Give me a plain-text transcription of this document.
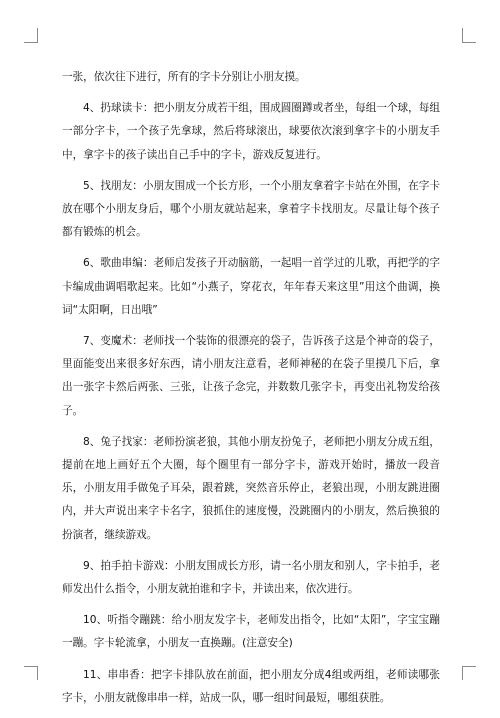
一张，依次往下进行，所有的字卡分别让小朋友摸。

4、扔球读卡：把小朋友分成若干组，围成圆圈蹲或者坐，每组一个球，每组一部分字卡，一个孩子先拿球，然后将球滚出，球要依次滚到拿字卡的小朋友手中，拿字卡的孩子读出自己手中的字卡，游戏反复进行。

5、找朋友：小朋友围成一个长方形，一个小朋友拿着字卡站在外围，在字卡放在哪个小朋友身后，哪个小朋友就站起来，拿着字卡找朋友。尽量让每个孩子都有锻炼的机会。

6、歌曲串编：老师启发孩子开动脑筋，一起唱一首学过的儿歌，再把学的字卡编成曲调唱歌起来。比如“小燕子，穿花衣，年年春天来这里”用这个曲调，换词“太阳啊，日出哦”

7、变魔术：老师找一个装饰的很漂亮的袋子，告诉孩子这是个神奇的袋子，里面能变出来很多好东西，请小朋友注意看，老师神秘的在袋子里摸几下后，拿出一张字卡然后两张、三张，让孩子念完，并数数几张字卡，再变出礼物发给孩子。

8、兔子找家：老师扮演老狼，其他小朋友扮兔子，老师把小朋友分成五组，提前在地上画好五个大圈，每个圈里有一部分字卡，游戏开始时，播放一段音乐，小朋友用手做兔子耳朵，跟着跳，突然音乐停止，老狼出现，小朋友跳进圈内，并大声说出来字卡名字，狼抓住的速度慢，没跳圈内的小朋友，然后换狼的扮演者，继续游戏。

9、拍手拍卡游戏：小朋友围成长方形，请一名小朋友和别人，字卡拍手，老师发出什么指令，小朋友就拍谁和字卡，并读出来，依次进行。

10、听指令蹦跳：给小朋友发字卡，老师发出指令，比如“太阳”，字宝宝蹦一蹦。字卡轮流拿，小朋友一直换蹦。(注意安全)

11、串串香：把字卡排队放在前面，把小朋友分成4组或两组，老师读哪张字卡，小朋友就像串串一样，站成一队，哪一组时间最短，哪组获胜。
